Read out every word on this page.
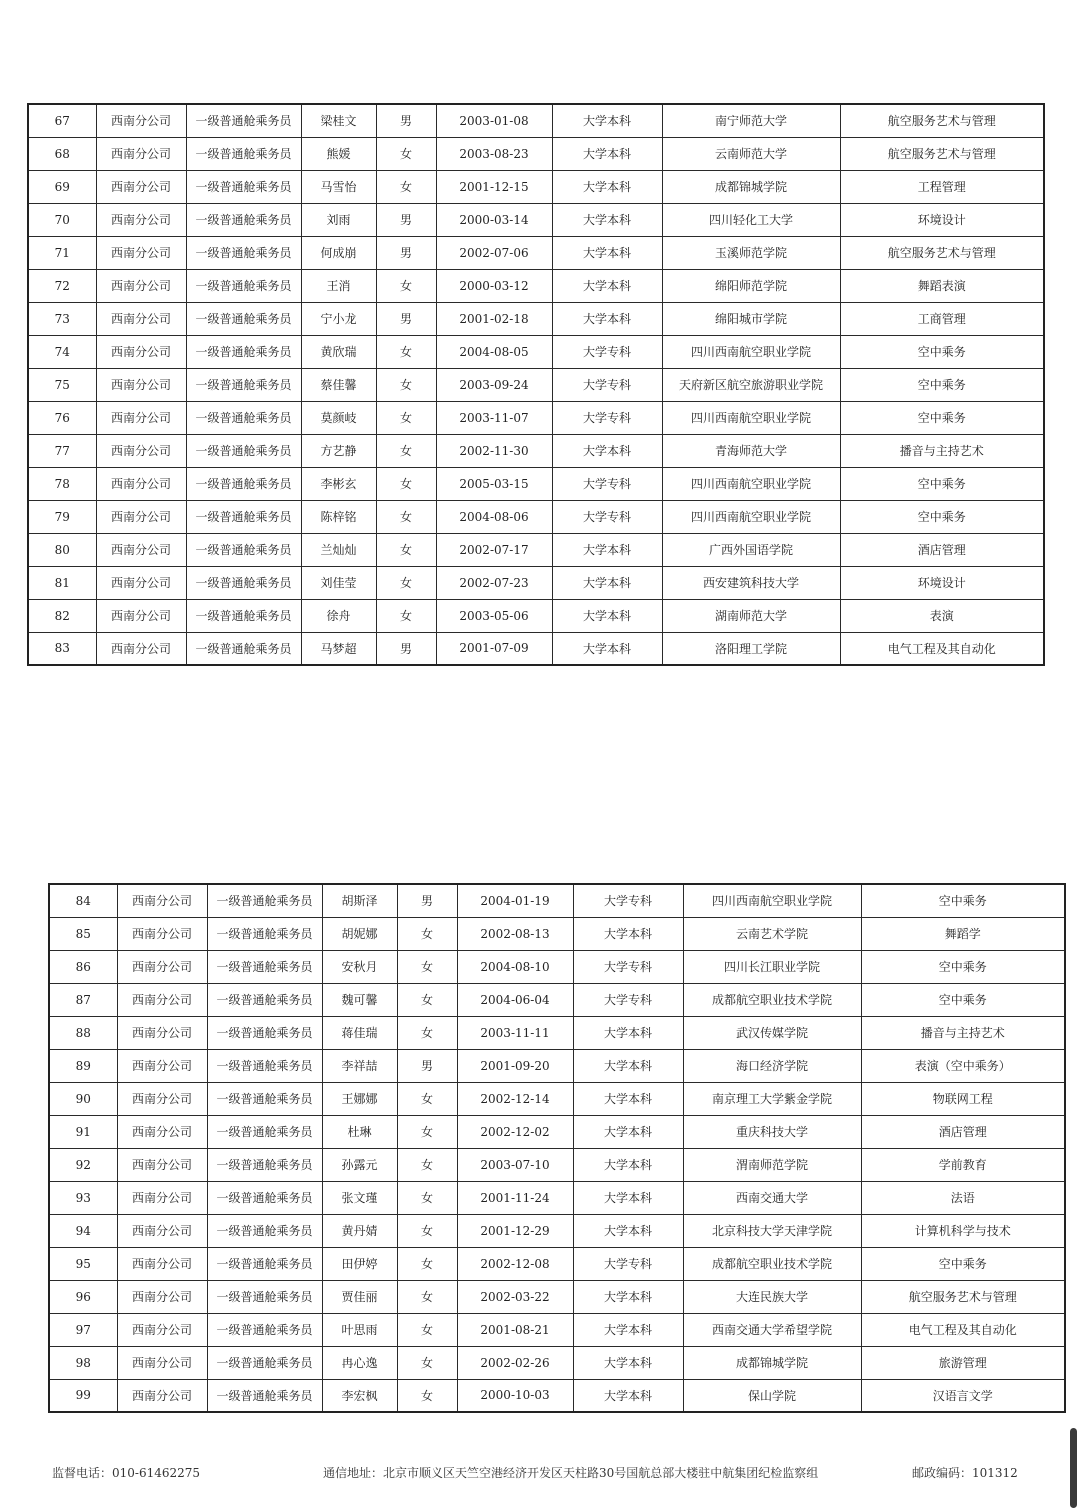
67	西南分公司	一级普通舱乘务员	梁桂文	男	2003-01-08	大学本科	南宁师范大学	航空服务艺术与管理
68	西南分公司	一级普通舱乘务员	熊媛	女	2003-08-23	大学本科	云南师范大学	航空服务艺术与管理
69	西南分公司	一级普通舱乘务员	马雪怡	女	2001-12-15	大学本科	成都锦城学院	工程管理
70	西南分公司	一级普通舱乘务员	刘雨	男	2000-03-14	大学本科	四川轻化工大学	环境设计
71	西南分公司	一级普通舱乘务员	何成崩	男	2002-07-06	大学本科	玉溪师范学院	航空服务艺术与管理
72	西南分公司	一级普通舱乘务员	王消	女	2000-03-12	大学本科	绵阳师范学院	舞蹈表演
73	西南分公司	一级普通舱乘务员	宁小龙	男	2001-02-18	大学本科	绵阳城市学院	工商管理
74	西南分公司	一级普通舱乘务员	黄欣瑞	女	2004-08-05	大学专科	四川西南航空职业学院	空中乘务
75	西南分公司	一级普通舱乘务员	蔡佳馨	女	2003-09-24	大学专科	天府新区航空旅游职业学院	空中乘务
76	西南分公司	一级普通舱乘务员	莫颜岐	女	2003-11-07	大学专科	四川西南航空职业学院	空中乘务
77	西南分公司	一级普通舱乘务员	方艺静	女	2002-11-30	大学本科	青海师范大学	播音与主持艺术
78	西南分公司	一级普通舱乘务员	李彬玄	女	2005-03-15	大学专科	四川西南航空职业学院	空中乘务
79	西南分公司	一级普通舱乘务员	陈梓铭	女	2004-08-06	大学专科	四川西南航空职业学院	空中乘务
80	西南分公司	一级普通舱乘务员	兰灿灿	女	2002-07-17	大学本科	广西外国语学院	酒店管理
81	西南分公司	一级普通舱乘务员	刘佳莹	女	2002-07-23	大学本科	西安建筑科技大学	环境设计
82	西南分公司	一级普通舱乘务员	徐舟	女	2003-05-06	大学本科	湖南师范大学	表演
83	西南分公司	一级普通舱乘务员	马梦超	男	2001-07-09	大学本科	洛阳理工学院	电气工程及其自动化
84	西南分公司	一级普通舱乘务员	胡斯泽	男	2004-01-19	大学专科	四川西南航空职业学院	空中乘务
85	西南分公司	一级普通舱乘务员	胡妮娜	女	2002-08-13	大学本科	云南艺术学院	舞蹈学
86	西南分公司	一级普通舱乘务员	安秋月	女	2004-08-10	大学专科	四川长江职业学院	空中乘务
87	西南分公司	一级普通舱乘务员	魏可馨	女	2004-06-04	大学专科	成都航空职业技术学院	空中乘务
88	西南分公司	一级普通舱乘务员	蒋佳瑞	女	2003-11-11	大学本科	武汉传媒学院	播音与主持艺术
89	西南分公司	一级普通舱乘务员	李祥喆	男	2001-09-20	大学本科	海口经济学院	表演（空中乘务）
90	西南分公司	一级普通舱乘务员	王娜娜	女	2002-12-14	大学本科	南京理工大学紫金学院	物联网工程
91	西南分公司	一级普通舱乘务员	杜琳	女	2002-12-02	大学本科	重庆科技大学	酒店管理
92	西南分公司	一级普通舱乘务员	孙露元	女	2003-07-10	大学本科	渭南师范学院	学前教育
93	西南分公司	一级普通舱乘务员	张文瑾	女	2001-11-24	大学本科	西南交通大学	法语
94	西南分公司	一级普通舱乘务员	黄丹婧	女	2001-12-29	大学本科	北京科技大学天津学院	计算机科学与技术
95	西南分公司	一级普通舱乘务员	田伊婷	女	2002-12-08	大学专科	成都航空职业技术学院	空中乘务
96	西南分公司	一级普通舱乘务员	贾佳丽	女	2002-03-22	大学本科	大连民族大学	航空服务艺术与管理
97	西南分公司	一级普通舱乘务员	叶思雨	女	2001-08-21	大学本科	西南交通大学希望学院	电气工程及其自动化
98	西南分公司	一级普通舱乘务员	冉心逸	女	2002-02-26	大学本科	成都锦城学院	旅游管理
99	西南分公司	一级普通舱乘务员	李宏枫	女	2000-10-03	大学本科	保山学院	汉语言文学
监督电话：010-61462275	通信地址：北京市顺义区天竺空港经济开发区天柱路30号国航总部大楼驻中航集团纪检监察组	邮政编码：101312
